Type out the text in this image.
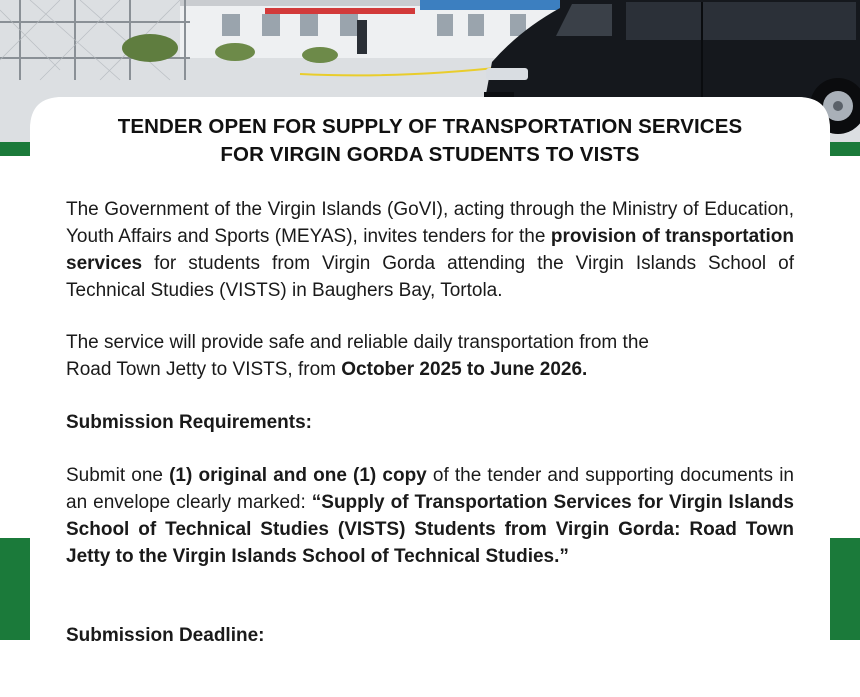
TENDER OPEN FOR SUPPLY OF TRANSPORTATION SERVICES
FOR VIRGIN GORDA STUDENTS TO VISTS

The Government of the Virgin Islands (GoVI), acting through the Ministry of Education, Youth Affairs and Sports (MEYAS), invites tenders for the provision of transportation services for students from Virgin Gorda attending the Virgin Islands School of Technical Studies (VISTS) in Baughers Bay, Tortola.

The service will provide safe and reliable daily transportation from the
Road Town Jetty to VISTS, from October 2025 to June 2026.

Submission Requirements:

Submit one (1) original and one (1) copy of the tender and supporting documents in an envelope clearly marked: “Supply of Transportation Services for Virgin Islands School of Technical Studies (VISTS) Students from Virgin Gorda: Road Town Jetty to the Virgin Islands School of Technical Studies.”

Submission Deadline:
